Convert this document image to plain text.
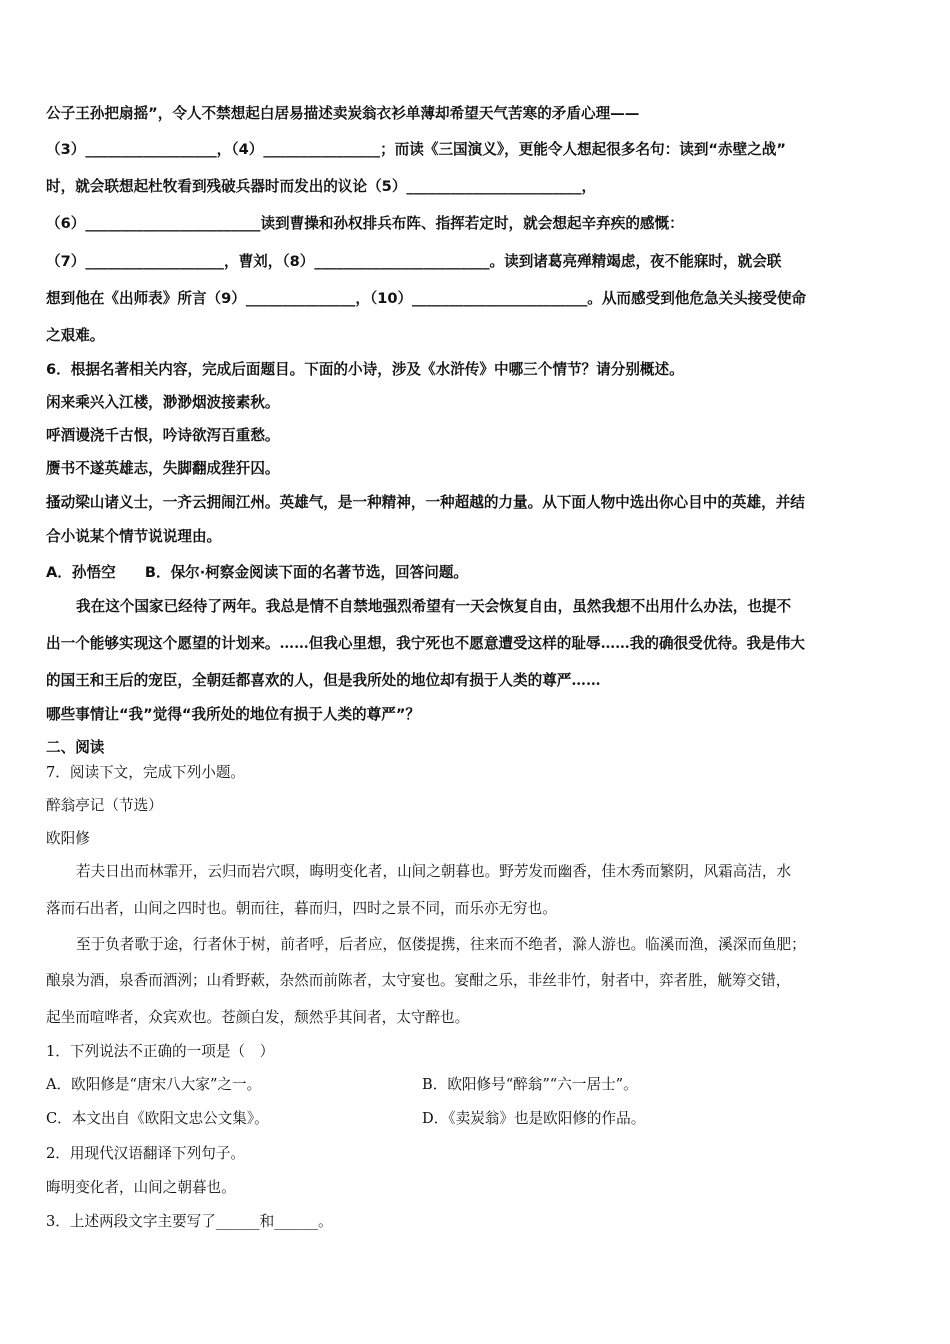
公子王孙把扇摇”，令人不禁想起白居易描述卖炭翁衣衫单薄却希望天气苦寒的矛盾心理——
（3）__________________，（4）________________；而读《三国演义》，更能令人想起很多名句：读到“赤壁之战”
时，就会联想起杜牧看到残破兵器时而发出的议论（5）________________________，
（6）________________________读到曹操和孙权排兵布阵、指挥若定时，就会想起辛弃疾的感慨：
（7）___________________，曹刘，（8）________________________。读到诸葛亮殚精竭虑，夜不能寐时，就会联
想到他在《出师表》所言（9）_______________，（10）________________________。从而感受到他危急关头接受使命
之艰难。
6．根据名著相关内容，完成后面题目。下面的小诗，涉及《水浒传》中哪三个情节？请分别概述。
闲来乘兴入江楼，渺渺烟波接素秋。
呼酒谩浇千古恨，吟诗欲泻百重愁。
赝书不遂英雄志，失脚翻成狴犴囚。
搔动梁山诸义士，一齐云拥闹江州。英雄气，是一种精神，一种超越的力量。从下面人物中选出你心目中的英雄，并结
合小说某个情节说说理由。
A．孙悟空　　B．保尔·柯察金阅读下面的名著节选，回答问题。
我在这个国家已经待了两年。我总是情不自禁地强烈希望有一天会恢复自由，虽然我想不出用什么办法，也提不
出一个能够实现这个愿望的计划来。……但我心里想，我宁死也不愿意遭受这样的耻辱……我的确很受优待。我是伟大
的国王和王后的宠臣，全朝廷都喜欢的人，但是我所处的地位却有损于人类的尊严……
哪些事情让“我”觉得“我所处的地位有损于人类的尊严”？
二、阅读
7．阅读下文，完成下列小题。
醉翁亭记（节选）
欧阳修
若夫日出而林霏开，云归而岩穴暝，晦明变化者，山间之朝暮也。野芳发而幽香，佳木秀而繁阴，风霜高洁，水
落而石出者，山间之四时也。朝而往，暮而归，四时之景不同，而乐亦无穷也。
至于负者歌于途，行者休于树，前者呼，后者应，伛偻提携，往来而不绝者，滁人游也。临溪而渔，溪深而鱼肥；
酿泉为酒，泉香而酒洌；山肴野蔌，杂然而前陈者，太守宴也。宴酣之乐，非丝非竹，射者中，弈者胜，觥筹交错，
起坐而喧哗者，众宾欢也。苍颜白发，颓然乎其间者，太守醉也。
1．下列说法不正确的一项是（　）
A．欧阳修是“唐宋八大家”之一。	B．欧阳修号“醉翁”“六一居士”。
C．本文出自《欧阳文忠公文集》。	D．《卖炭翁》也是欧阳修的作品。
2．用现代汉语翻译下列句子。
晦明变化者，山间之朝暮也。
3．上述两段文字主要写了______和______。
